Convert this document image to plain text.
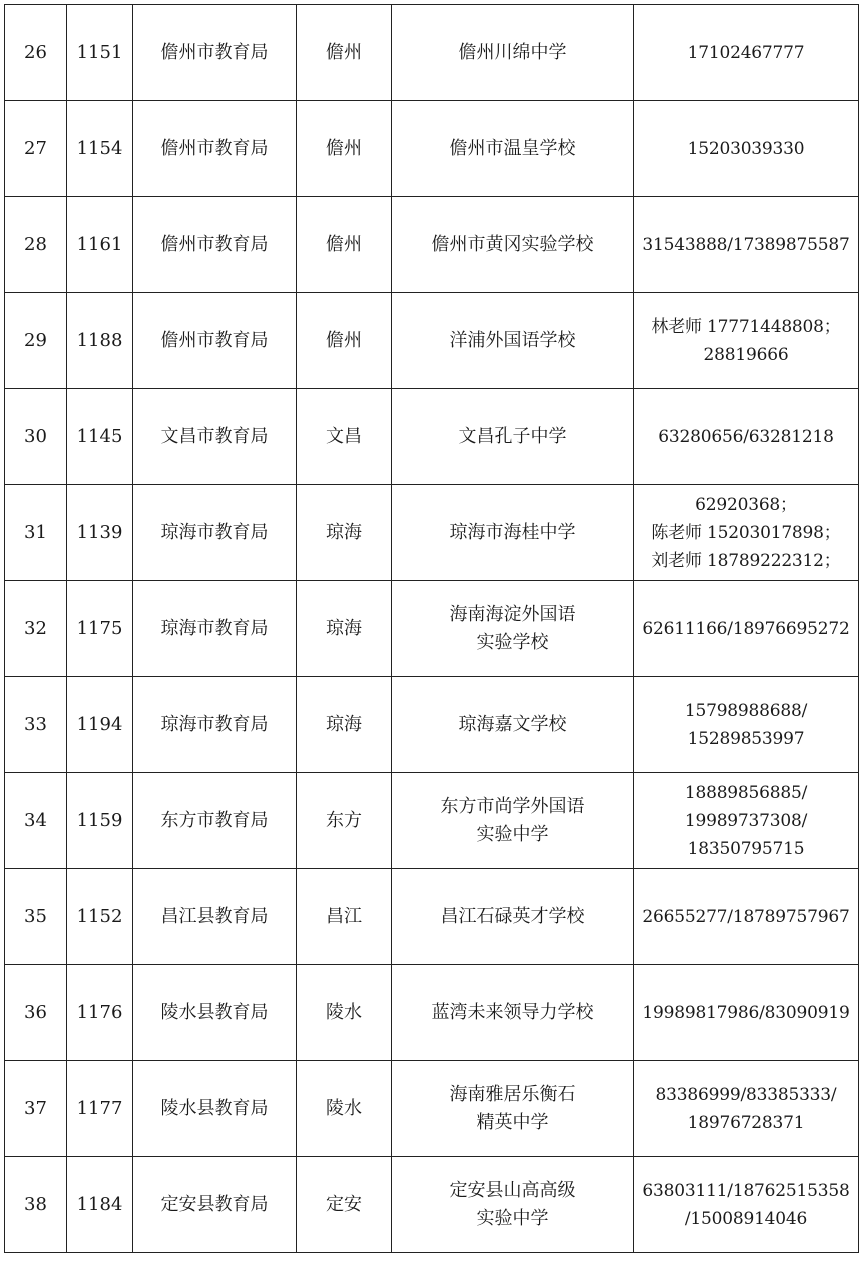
26	1151	儋州市教育局	儋州	儋州川绵中学	17102467777

27	1154	儋州市教育局	儋州	儋州市温皇学校	15203039330

28	1161	儋州市教育局	儋州	儋州市黄冈实验学校	31543888/17389875587

29	1188	儋州市教育局	儋州	洋浦外国语学校	林老师 17771448808；
28819666

30	1145	文昌市教育局	文昌	文昌孔子中学	63280656/63281218

31	1139	琼海市教育局	琼海	琼海市海桂中学	62920368；
陈老师 15203017898；
刘老师 18789222312；

32	1175	琼海市教育局	琼海	海南海淀外国语
实验学校	62611166/18976695272

33	1194	琼海市教育局	琼海	琼海嘉文学校	15798988688/
15289853997

34	1159	东方市教育局	东方	东方市尚学外国语
实验中学	18889856885/
19989737308/
18350795715

35	1152	昌江县教育局	昌江	昌江石碌英才学校	26655277/18789757967

36	1176	陵水县教育局	陵水	蓝湾未来领导力学校	19989817986/83090919

37	1177	陵水县教育局	陵水	海南雅居乐衡石
精英中学	83386999/83385333/
18976728371

38	1184	定安县教育局	定安	定安县山高高级
实验中学	63803111/18762515358
/15008914046
